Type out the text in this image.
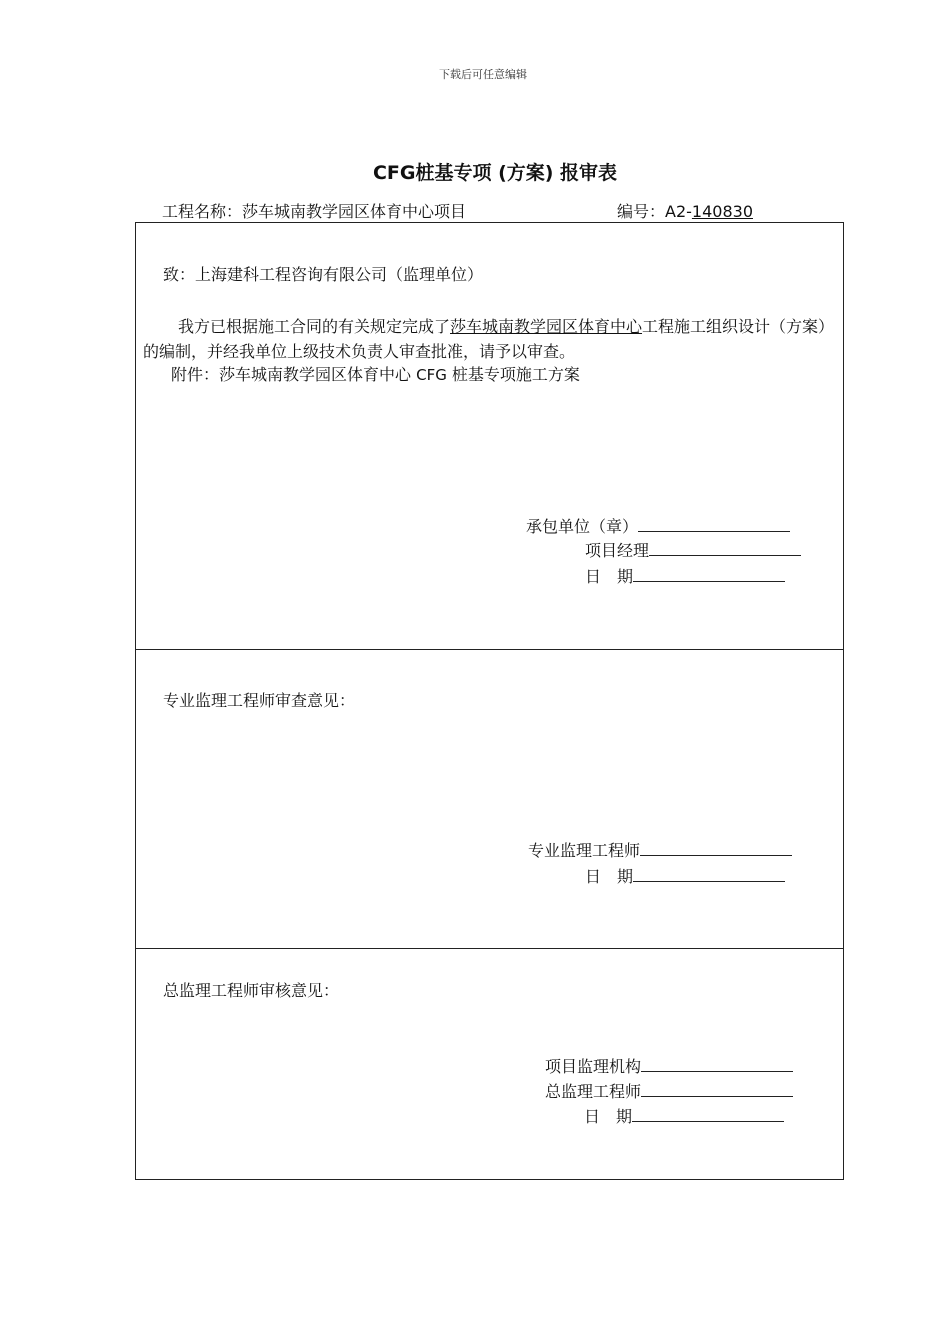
下载后可任意编辑
CFG桩基专项 (方案) 报审表
工程名称：莎车城南教学园区体育中心项目	编号：A2-140830
致：上海建科工程咨询有限公司（监理单位）
我方已根据施工合同的有关规定完成了莎车城南教学园区体育中心工程施工组织设计（方案）的编制，并经我单位上级技术负责人审查批准，请予以审查。
附件：莎车城南教学园区体育中心 CFG 桩基专项施工方案
承包单位（章）
项目经理
日　期
专业监理工程师审查意见：
专业监理工程师
日　期
总监理工程师审核意见：
项目监理机构
总监理工程师
日　期
